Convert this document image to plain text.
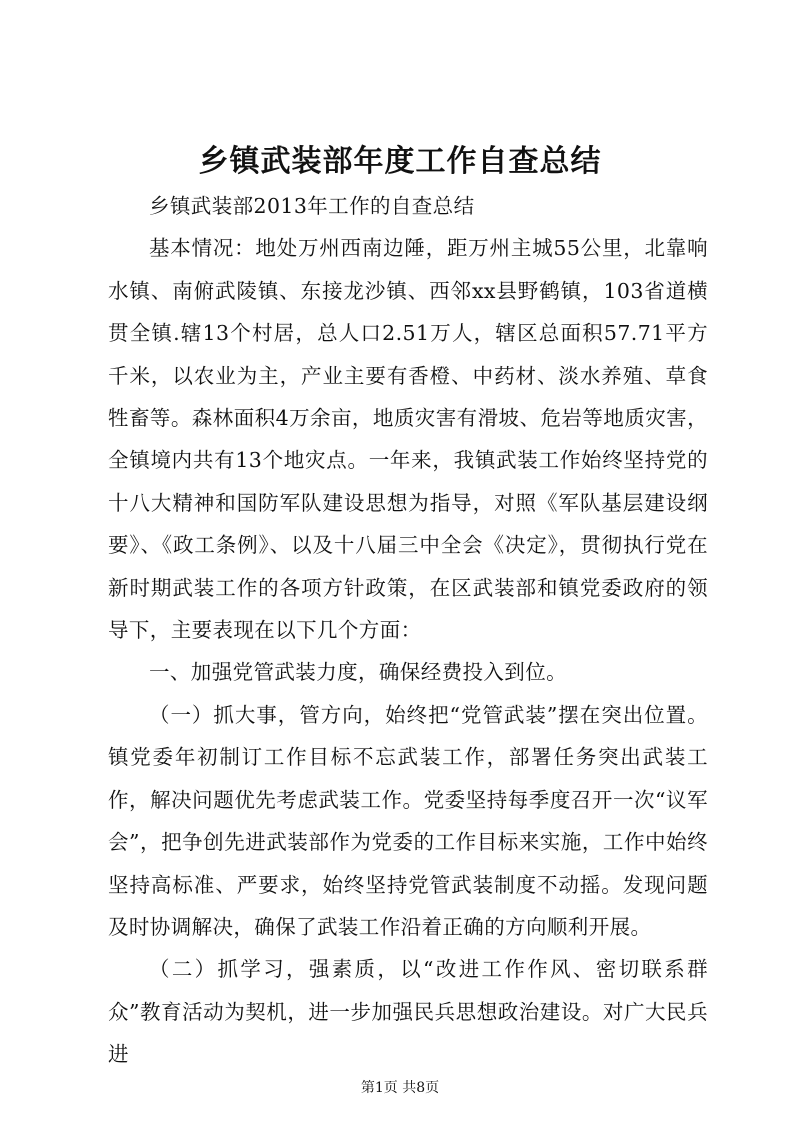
乡镇武装部年度工作自查总结

乡镇武装部2013年工作的自查总结

基本情况：地处万州西南边陲，距万州主城55公里，北靠响水镇、南俯武陵镇、东接龙沙镇、西邻xx县野鹤镇，103省道横贯全镇.辖13个村居，总人口2.51万人，辖区总面积57.71平方千米，以农业为主，产业主要有香橙、中药材、淡水养殖、草食牲畜等。森林面积4万余亩，地质灾害有滑坡、危岩等地质灾害，全镇境内共有13个地灾点。一年来，我镇武装工作始终坚持党的十八大精神和国防军队建设思想为指导，对照《军队基层建设纲要》、《政工条例》、以及十八届三中全会《决定》，贯彻执行党在新时期武装工作的各项方针政策，在区武装部和镇党委政府的领导下，主要表现在以下几个方面：

一、加强党管武装力度，确保经费投入到位。

（一）抓大事，管方向，始终把“党管武装”摆在突出位置。镇党委年初制订工作目标不忘武装工作，部署任务突出武装工作，解决问题优先考虑武装工作。党委坚持每季度召开一次“议军会”，把争创先进武装部作为党委的工作目标来实施，工作中始终坚持高标准、严要求，始终坚持党管武装制度不动摇。发现问题及时协调解决，确保了武装工作沿着正确的方向顺利开展。

（二）抓学习，强素质，以“改进工作作风、密切联系群众”教育活动为契机，进一步加强民兵思想政治建设。对广大民兵进

第1页 共8页
